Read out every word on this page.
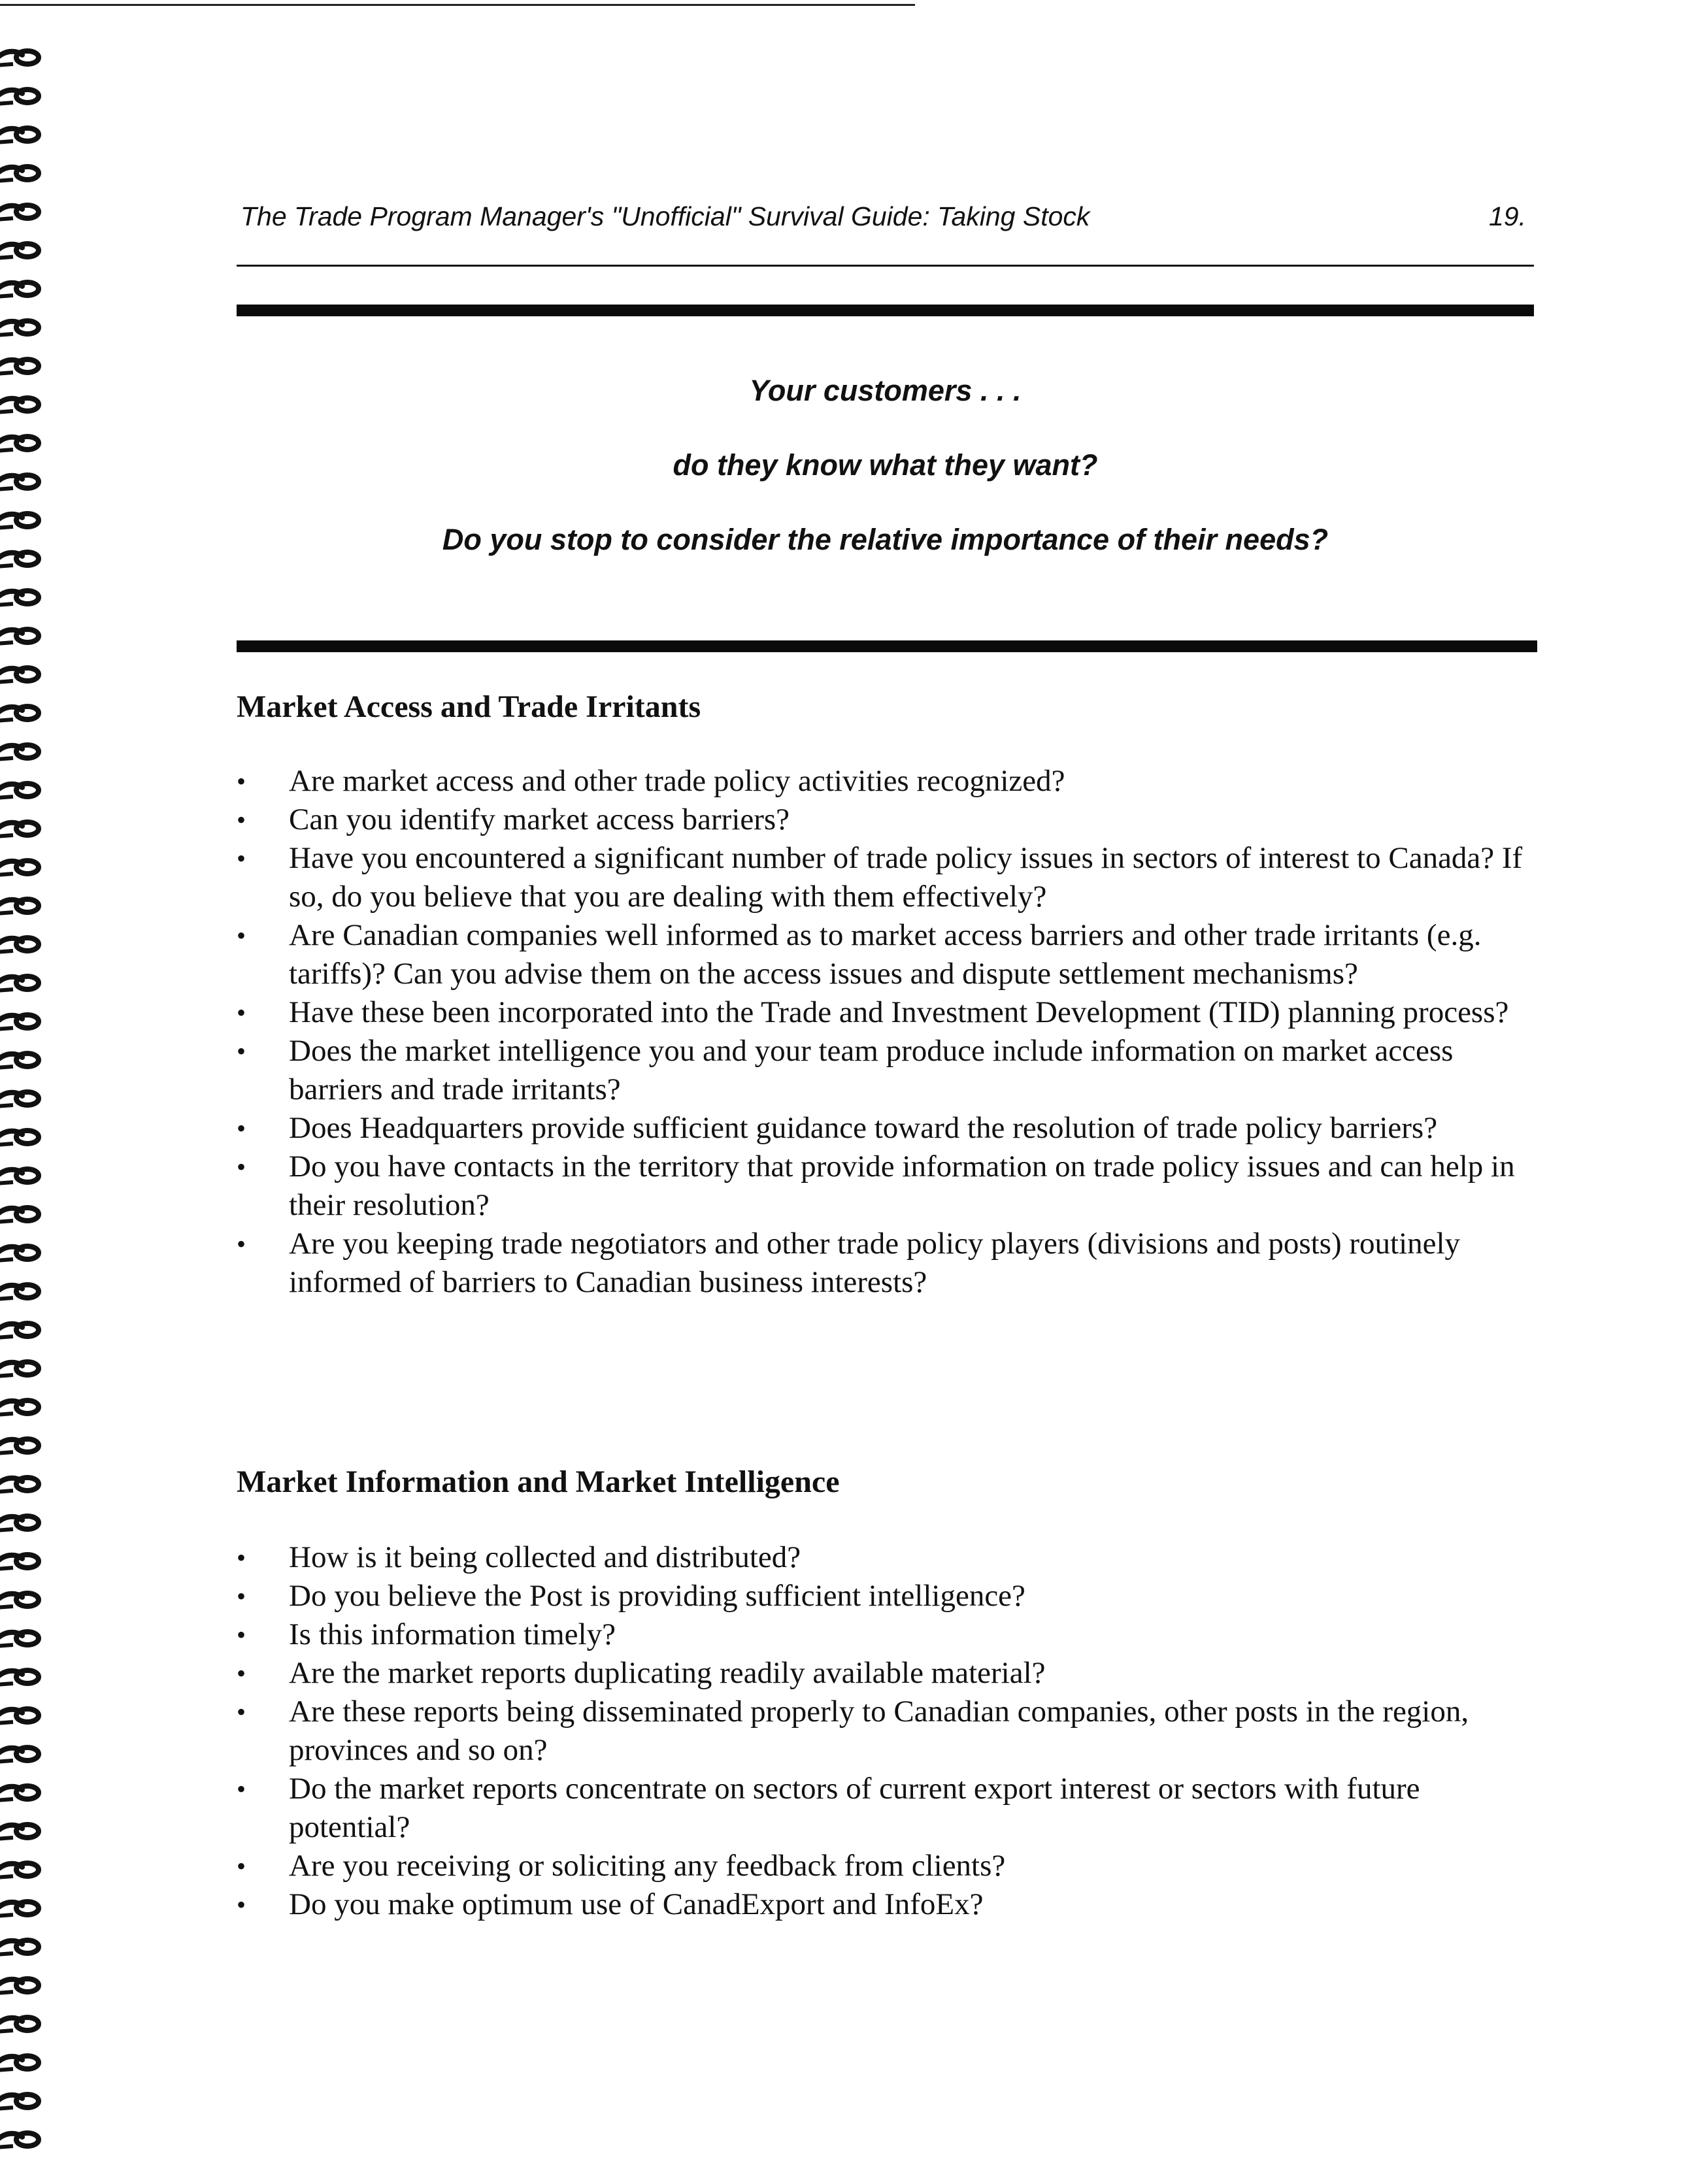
The Trade Program Manager's "Unofficial" Survival Guide: Taking Stock	19.
Your customers . . .
do they know what they want?
Do you stop to consider the relative importance of their needs?
Market Access and Trade Irritants
•	Are market access and other trade policy activities recognized?
•	Can you identify market access barriers?
•	Have you encountered a significant number of trade policy issues in sectors of interest to Canada? If so, do you believe that you are dealing with them effectively?
•	Are Canadian companies well informed as to market access barriers and other trade irritants (e.g. tariffs)? Can you advise them on the access issues and dispute settlement mechanisms?
•	Have these been incorporated into the Trade and Investment Development (TID) planning process?
•	Does the market intelligence you and your team produce include information on market access barriers and trade irritants?
•	Does Headquarters provide sufficient guidance toward the resolution of trade policy barriers?
•	Do you have contacts in the territory that provide information on trade policy issues and can help in their resolution?
•	Are you keeping trade negotiators and other trade policy players (divisions and posts) routinely informed of barriers to Canadian business interests?
Market Information and Market Intelligence
•	How is it being collected and distributed?
•	Do you believe the Post is providing sufficient intelligence?
•	Is this information timely?
•	Are the market reports duplicating readily available material?
•	Are these reports being disseminated properly to Canadian companies, other posts in the region, provinces and so on?
•	Do the market reports concentrate on sectors of current export interest or sectors with future potential?
•	Are you receiving or soliciting any feedback from clients?
•	Do you make optimum use of CanadExport and InfoEx?
